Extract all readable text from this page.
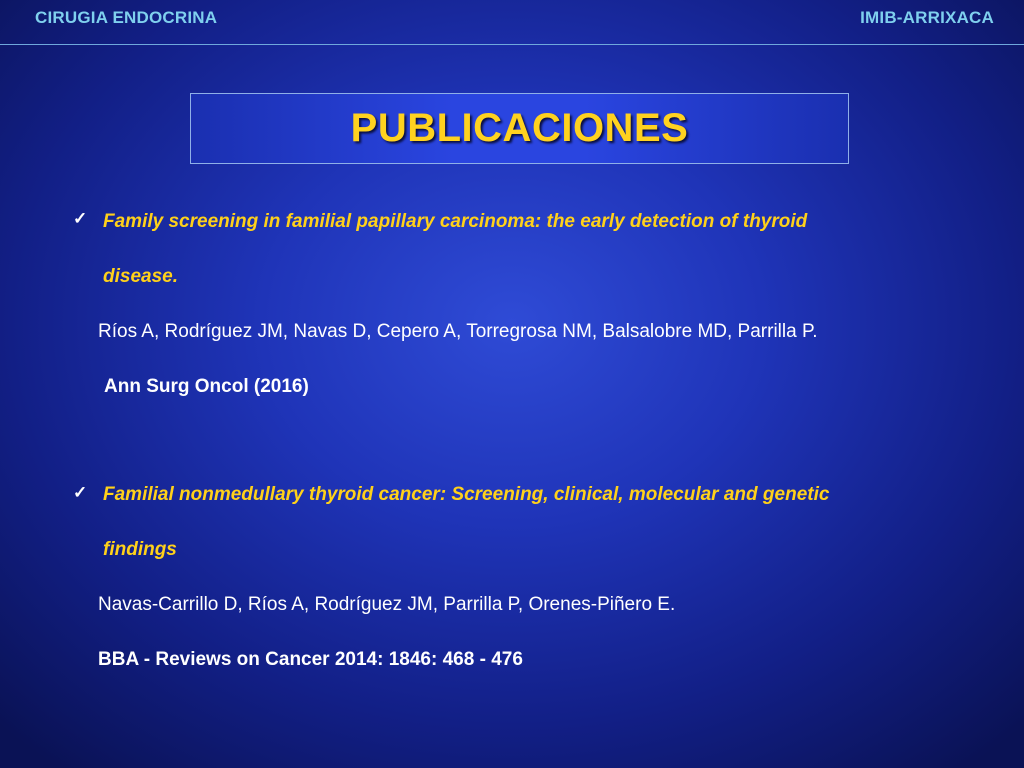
CIRUGIA ENDOCRINA	IMIB-ARRIXACA
PUBLICACIONES
✓ Family screening in familial papillary carcinoma: the early detection of thyroid
disease.
Ríos A, Rodríguez JM, Navas D, Cepero A, Torregrosa NM, Balsalobre MD, Parrilla P.
Ann Surg Oncol (2016)
✓ Familial nonmedullary thyroid cancer: Screening, clinical, molecular and genetic
findings
Navas-Carrillo D, Ríos A, Rodríguez JM, Parrilla P, Orenes-Piñero E.
BBA - Reviews on Cancer 2014: 1846: 468 - 476
